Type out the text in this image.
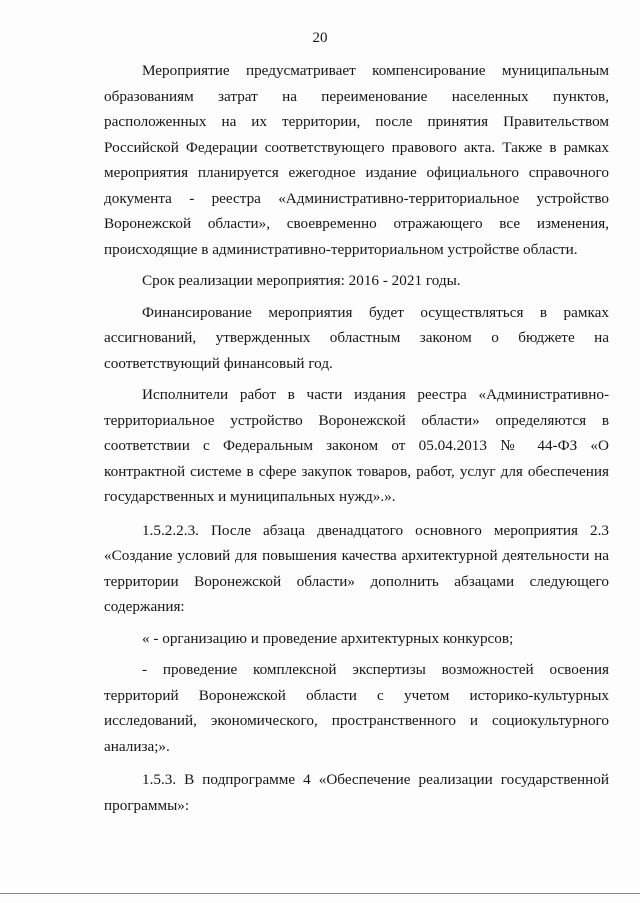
20

Мероприятие предусматривает компенсирование муниципальным образованиям затрат на переименование населенных пунктов, расположенных на их территории, после принятия Правительством Российской Федерации соответствующего правового акта. Также в рамках мероприятия планируется ежегодное издание официального справочного документа - реестра «Административно-территориальное устройство Воронежской области», своевременно отражающего все изменения, происходящие в административно-территориальном устройстве области.

Срок реализации мероприятия: 2016 - 2021 годы.

Финансирование мероприятия будет осуществляться в рамках ассигнований, утвержденных областным законом о бюджете на соответствующий финансовый год.

Исполнители работ в части издания реестра «Административно-территориальное устройство Воронежской области» определяются в соответствии с Федеральным законом от 05.04.2013 № 44-ФЗ «О контрактной системе в сфере закупок товаров, работ, услуг для обеспечения государственных и муниципальных нужд».».

1.5.2.2.3. После абзаца двенадцатого основного мероприятия 2.3 «Создание условий для повышения качества архитектурной деятельности на территории Воронежской области» дополнить абзацами следующего содержания:

« - организацию и проведение архитектурных конкурсов;

- проведение комплексной экспертизы возможностей освоения территорий Воронежской области с учетом историко-культурных исследований, экономического, пространственного и социокультурного анализа;».

1.5.3. В подпрограмме 4 «Обеспечение реализации государственной программы»:
